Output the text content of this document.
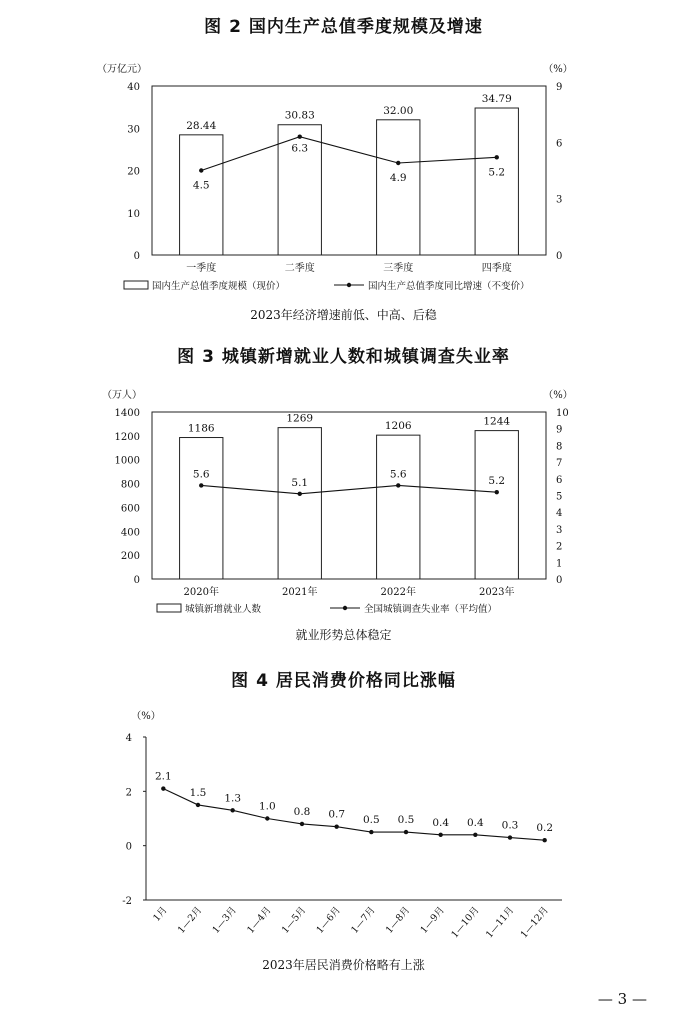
图 2 国内生产总值季度规模及增速
（万亿元）	（%）
40
30
20
10
0
9
6
3
0
28.44
一季度
30.83
二季度
32.00
三季度
34.79
四季度
4.5
6.3
4.9	5.2
国内生产总值季度规模（现价）	国内生产总值季度同比增速（不变价）
2023年经济增速前低、中高、后稳
图 3 城镇新增就业人数和城镇调查失业率
（万人）	（%）
1400
1200
1000
800
600
400
200
0
10
9
8
7
6
5
4
3
2
1
0
1186
2020年
1269
2021年
1206
2022年
1244
2023年
5.6
5.1
5.6
5.2
城镇新增就业人数	全国城镇调查失业率（平均值）
就业形势总体稳定
图 4 居民消费价格同比涨幅
（%）
4
2
0
-2
2.1
1.5 1.3
1.0 0.8 0.7 0.5 0.5 0.4 0.4 0.3 0.2
1月 1—2月 1—3月 1—4月 1—5月 1—6月 1—7月 1—8月 1—9月 1—10月 1—11月 1—12月
2023年居民消费价格略有上涨
— 3 —
